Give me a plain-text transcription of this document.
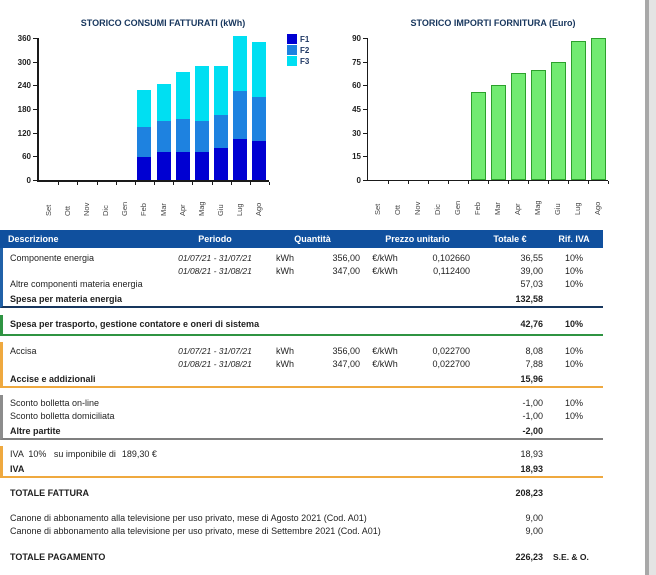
STORICO CONSUMI FATTURATI (kWh)
0
60
120
180
240
300
360
Set Ott Nov Dic Gen Feb Mar Apr Mag Giu Lug Ago
F1
F2
F3
STORICO IMPORTI FORNITURA (Euro)
0
15
30
45
60
75
90
Set Ott Nov Dic Gen Feb Mar Apr Mag Giu Lug Ago
Descrizione	Periodo	Quantità	Prezzo unitario	Totale €	Rif. IVA
Componente energia	01/07/21 - 31/07/21	kWh	356,00	€/kWh	0,102660	36,55	10%
01/08/21 - 31/08/21	kWh	347,00	€/kWh	0,112400	39,00	10%
Altre componenti materia energia	57,03	10%
Spesa per materia energia	132,58
Spesa per trasporto, gestione contatore e oneri di sistema	42,76	10%
Accisa	01/07/21 - 31/07/21	kWh	356,00	€/kWh	0,022700	8,08	10%
01/08/21 - 31/08/21	kWh	347,00	€/kWh	0,022700	7,88	10%
Accise e addizionali	15,96
Sconto bolletta on-line	-1,00	10%
Sconto bolletta domiciliata	-1,00	10%
Altre partite	-2,00
IVA  10%   su imponibile di 189,30 €	18,93
IVA	18,93
TOTALE FATTURA	208,23
Canone di abbonamento alla televisione per uso privato, mese di Agosto 2021 (Cod. A01)	9,00
Canone di abbonamento alla televisione per uso privato, mese di Settembre 2021 (Cod. A01)	9,00
TOTALE PAGAMENTO	226,23	S.E. & O.
